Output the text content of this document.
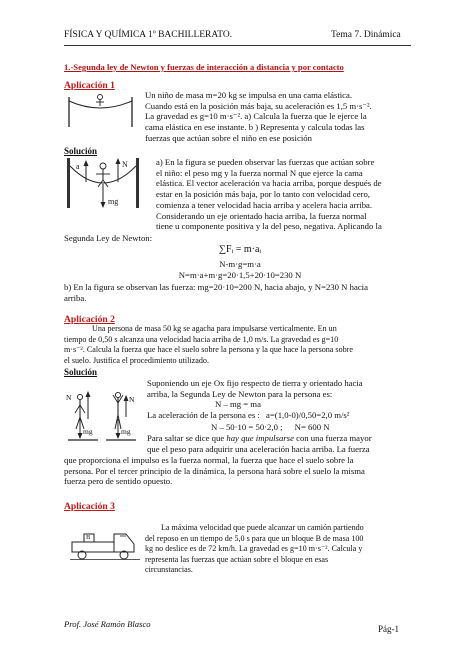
FÍSICA Y QUÍMICA 1º BACHILLERATO.	Tema 7. Dinámica
1.-Segunda ley de Newton y fuerzas de interacción a distancia y por contacto
Aplicación 1
Un niño de masa m=20 kg se impulsa en una cama elástica.
Cuando está en la posición más baja, su aceleración es 1,5 m·s⁻².
La gravedad es g=10 m·s⁻². a) Calcula la fuerza que le ejerce la
cama elástica en ese instante. b ) Representa y calcula todas las
fuerzas que actúan sobre el niño en ese posición
Solución
a	N
mg
a) En la figura se pueden observar las fuerzas que actúan sobre
el niño: el peso mg y la fuerza normal N que ejerce la cama
elástica. El vector aceleración va hacia arriba, porque después de
estar en la posición más baja, por lo tanto con velocidad cero,
comienza a tener velocidad hacia arriba y acelera hacia arriba.
Considerando un eje orientado hacia arriba, la fuerza normal
tiene u componente positiva y la del peso, negativa. Aplicando la
Segunda Ley de Newton:
∑Fᵢ = m·aᵢ
N-m·g=m·a
N=m·a+m·g=20·1,5+20·10=230 N
b) En la figura se observan las fuerza: mg=20·10=200 N, hacia abajo, y N=230 N hacia
arriba.
Aplicación 2
Una persona de masa 50 kg se agacha para impulsarse verticalmente. En un
tiempo de 0,50 s alcanza una velocidad hacia arriba de 1,0 m/s. La gravedad es g=10
m·s⁻². Calcula la fuerza que hace el suelo sobre la persona y la que hace la persona sobre
el suelo. Justifica el procedimiento utilizado.
Solución
N	N
mg	mg
Suponiendo un eje Ox fijo respecto de tierra y orientado hacia
arriba, la Segunda Ley de Newton para la persona es:
N – mg = ma
La aceleración de la persona es : a=(1,0-0)/0,50=2,0 m/s²
N – 50·10 = 50·2,0 ; N= 600 N
Para saltar se dice que hay que impulsarse con una fuerza mayor
que el peso para adquirir una aceleración hacia arriba. La fuerza
que proporciona el impulso es la fuerza normal, la fuerza que hace el suelo sobre la
persona. Por el tercer principio de la dinámica, la persona hará sobre el suelo la misma
fuerza pero de sentido opuesto.
Aplicación 3
B
La máxima velocidad que puede alcanzar un camión partiendo
del reposo en un tiempo de 5,0 s para que un bloque B de masa 100
kg no deslice es de 72 km/h. La gravedad es g=10 m·s⁻². Calcula y
representa las fuerzas que actúan sobre el bloque en esas
circunstancias.
Prof. José Ramón Blasco	Pág-1
